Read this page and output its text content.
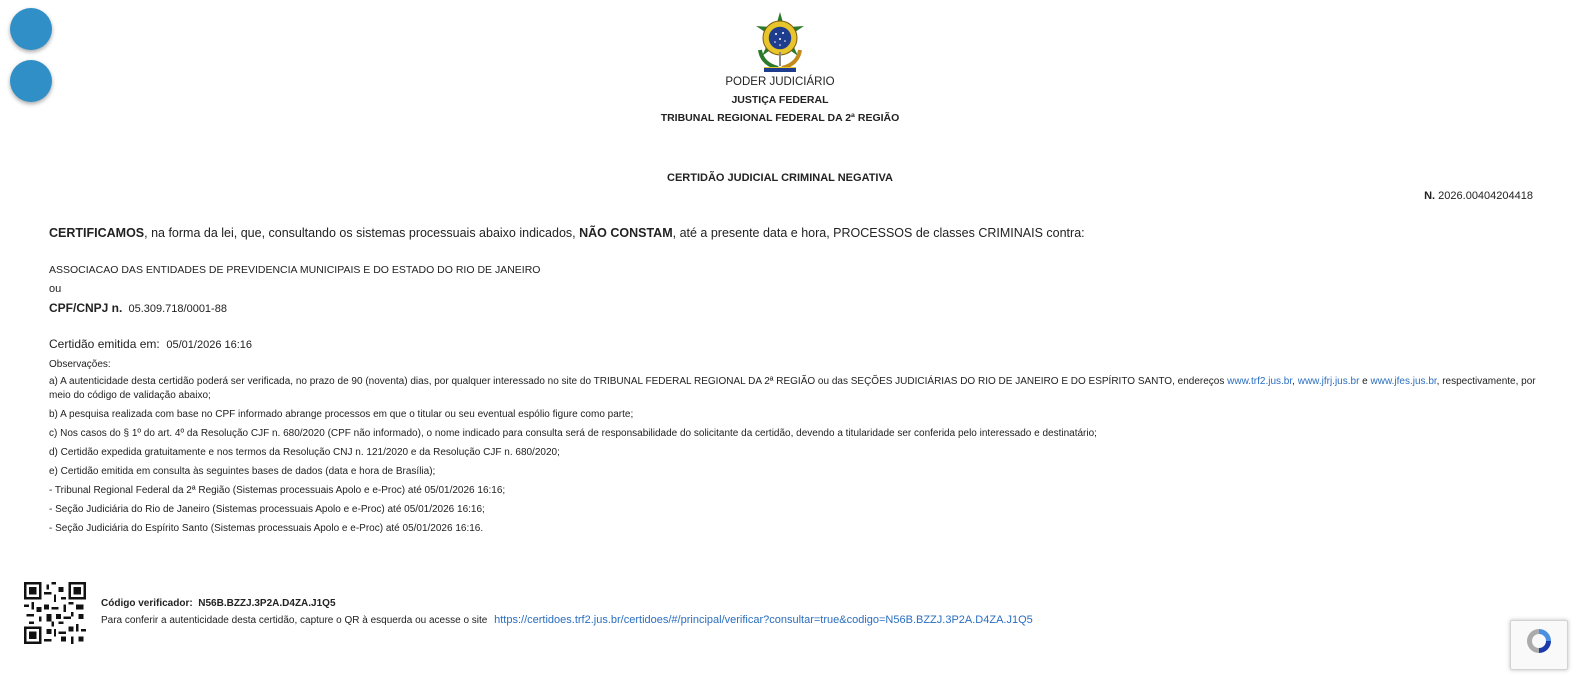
PODER JUDICIÁRIO
JUSTIÇA FEDERAL
TRIBUNAL REGIONAL FEDERAL DA 2ª REGIÃO
CERTIDÃO JUDICIAL CRIMINAL NEGATIVA
N. 2026.00404204418

CERTIFICAMOS, na forma da lei, que, consultando os sistemas processuais abaixo indicados, NÃO CONSTAM, até a presente data e hora, PROCESSOS de classes CRIMINAIS contra:

ASSOCIACAO DAS ENTIDADES DE PREVIDENCIA MUNICIPAIS E DO ESTADO DO RIO DE JANEIRO

ou

CPF/CNPJ n. 05.309.718/0001-88

Certidão emitida em: 05/01/2026 16:16

Observações:

a) A autenticidade desta certidão poderá ser verificada, no prazo de 90 (noventa) dias, por qualquer interessado no site do TRIBUNAL FEDERAL REGIONAL DA 2ª REGIÃO ou das SEÇÕES JUDICIÁRIAS DO RIO DE JANEIRO E DO ESPÍRITO SANTO, endereços www.trf2.jus.br, www.jfrj.jus.br e www.jfes.jus.br, respectivamente, por meio do código de validação abaixo;

b) A pesquisa realizada com base no CPF informado abrange processos em que o titular ou seu eventual espólio figure como parte;

c) Nos casos do § 1º do art. 4º da Resolução CJF n. 680/2020 (CPF não informado), o nome indicado para consulta será de responsabilidade do solicitante da certidão, devendo a titularidade ser conferida pelo interessado e destinatário;

d) Certidão expedida gratuitamente e nos termos da Resolução CNJ n. 121/2020 e da Resolução CJF n. 680/2020;

e) Certidão emitida em consulta às seguintes bases de dados (data e hora de Brasília);

- Tribunal Regional Federal da 2ª Região (Sistemas processuais Apolo e e-Proc) até 05/01/2026 16:16;

- Seção Judiciária do Rio de Janeiro (Sistemas processuais Apolo e e-Proc) até 05/01/2026 16:16;

- Seção Judiciária do Espírito Santo (Sistemas processuais Apolo e e-Proc) até 05/01/2026 16:16.

Código verificador: N56B.BZZJ.3P2A.D4ZA.J1Q5
Para conferir a autenticidade desta certidão, capture o QR à esquerda ou acesse o site https://certidoes.trf2.jus.br/certidoes/#/principal/verificar?consultar=true&codigo=N56B.BZZJ.3P2A.D4ZA.J1Q5
